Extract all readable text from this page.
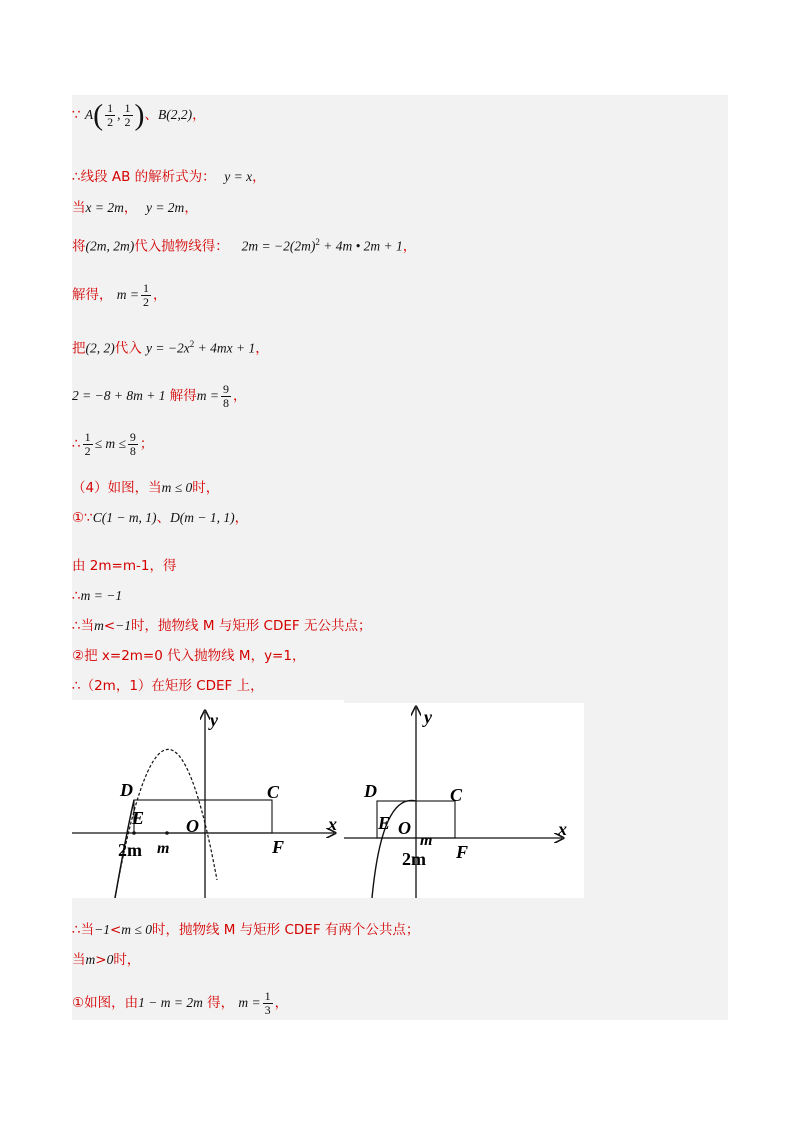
∵ $A( \frac{1}{2}$ , $\frac{1}{2}$ )、B(2,2)，
∴线段 AB 的解析式为： y = x，
当x = 2m， y = 2m，
将(2m, 2m)代入抛物线得： $2m = -2(2m)^2 + 4m$ • 2m + 1，
解得， $m = \frac{1}{2}$ ，
把(2, 2)代入 $y = -2x^2 + 4mx + 1$，
2 = −8 + 8m + 1 解得$m = \frac{9}{8}$ ，
∴ $\frac{1}{2} \le m \le \frac{9}{8}$ ；
（4）如图，当m ≤ 0时，
①∵C(1 − m, 1)、D(m − 1, 1)，
由 2m=m-1，得
∴m = −1
∴当m<−1时，抛物线 M 与矩形 CDEF 无公共点；
②把 x=2m=0 代入抛物线 M，y=1，
∴（2m，1）在矩形 CDEF 上，
y
x
D	C
E O
F
2m m
y
x
D	C
E O
F
2m
m
∴当−1<m ≤ 0时，抛物线 M 与矩形 CDEF 有两个公共点；
当m>0时，
①如图，由1 − m = 2m 得， $m = \frac{1}{3}$ ，
